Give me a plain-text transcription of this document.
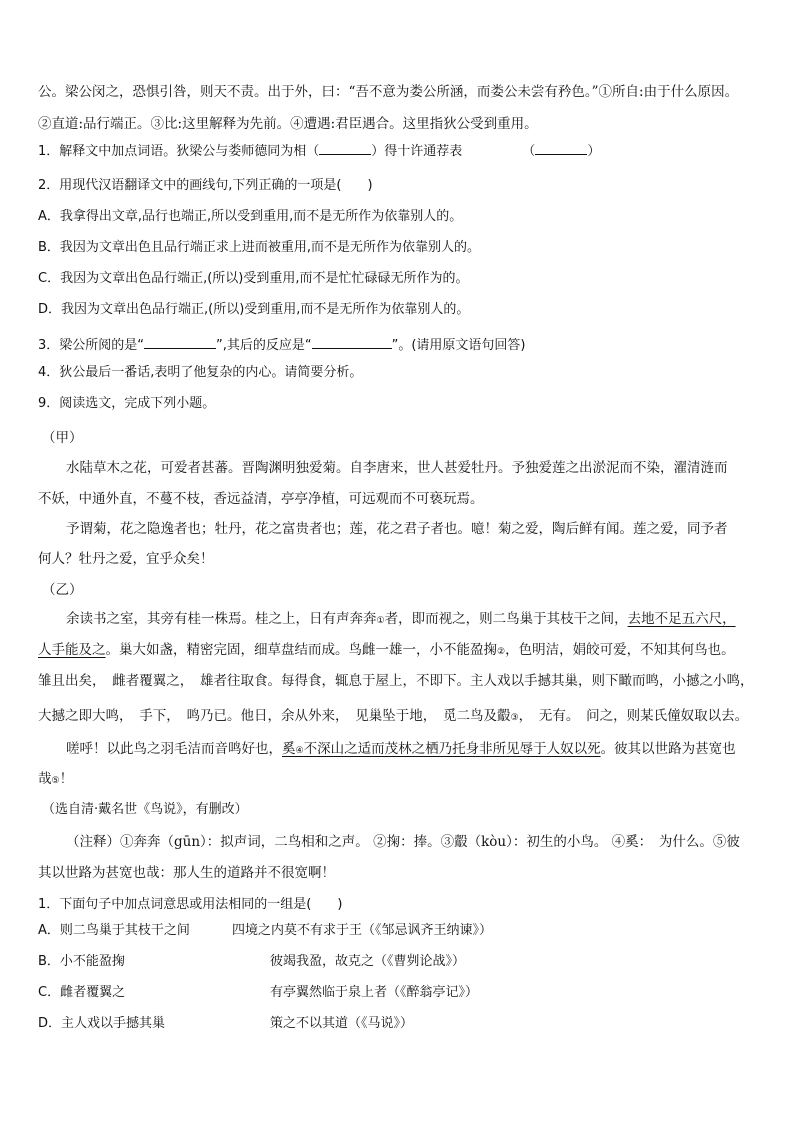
公。梁公闵之，恐惧引咎，则天不责。出于外，曰：“吾不意为娄公所涵，而娄公未尝有矜色。”①所自:由于什么原因。
②直道:品行端正。③比:这里解释为先前。④遭遇:君臣遇合。这里指狄公受到重用。
1．解释文中加点词语。狄梁公与娄师德同为相（	）得十许通荐表	（	）
2．用现代汉语翻译文中的画线句,下列正确的一项是(　　)
A．我拿得出文章,品行也端正,所以受到重用,而不是无所作为依靠别人的。
B．我因为文章出色且品行端正求上进而被重用,而不是无所作为依靠别人的。
C．我因为文章出色品行端正,(所以)受到重用,而不是忙忙碌碌无所作为的。
D．我因为文章出色品行端正,(所以)受到重用,而不是无所作为依靠别人的。
3．梁公所阅的是“	”,其后的反应是“	”。(请用原文语句回答)
4．狄公最后一番话,表明了他复杂的内心。请简要分析。
9．阅读选文，完成下列小题。
（甲）
水陆草木之花，可爱者甚蕃。晋陶渊明独爱菊。自李唐来，世人甚爱牡丹。予独爱莲之出淤泥而不染，濯清涟而
不妖，中通外直，不蔓不枝，香远益清，亭亭净植，可远观而不可亵玩焉。
予谓菊，花之隐逸者也；牡丹，花之富贵者也；莲，花之君子者也。噫！菊之爱，陶后鲜有闻。莲之爱，同予者
何人？牡丹之爱，宜乎众矣！
（乙）
余读书之室，其旁有桂一株焉。桂之上，日有声奔奔①者，即而视之，则二鸟巢于其枝干之间，去地不足五六尺，
人手能及之。巢大如盏，精密完固，细草盘结而成。鸟雌一雄一，小不能盈掬②，色明洁，娟皎可爱，不知其何鸟也。
雏且出矣，　雌者覆翼之，　雄者往取食。每得食，辄息于屋上，不即下。主人戏以手撼其巢，则下瞰而鸣，小撼之小鸣，
大撼之即大鸣，　手下，　鸣乃已。他日，余从外来，　见巢坠于地，　觅二鸟及鷇③，　无有。　问之，则某氏僮奴取以去。
嗟呼！以此鸟之羽毛洁而音鸣好也，奚④不深山之适而茂林之栖乃托身非所见辱于人奴以死。彼其以世路为甚宽也
哉⑤！
（选自清·戴名世《鸟说》，有删改）
（注释）①奔奔（gūn）：拟声词，二鸟相和之声。 ②掬：捧。③鷇（kòu）：初生的小鸟。 ④奚：　为什么。⑤彼
其以世路为甚宽也哉：那人生的道路并不很宽啊！
1．下面句子中加点词意思或用法相同的一组是(　　)
A．则二鸟巢于其枝干之间	四境之内莫不有求于王（《邹忌讽齐王纳谏》）
B．小不能盈掬	彼竭我盈，故克之（《曹刿论战》）
C．雌者覆翼之	有亭翼然临于泉上者（《醉翁亭记》）
D．主人戏以手撼其巢	策之不以其道（《马说》）
